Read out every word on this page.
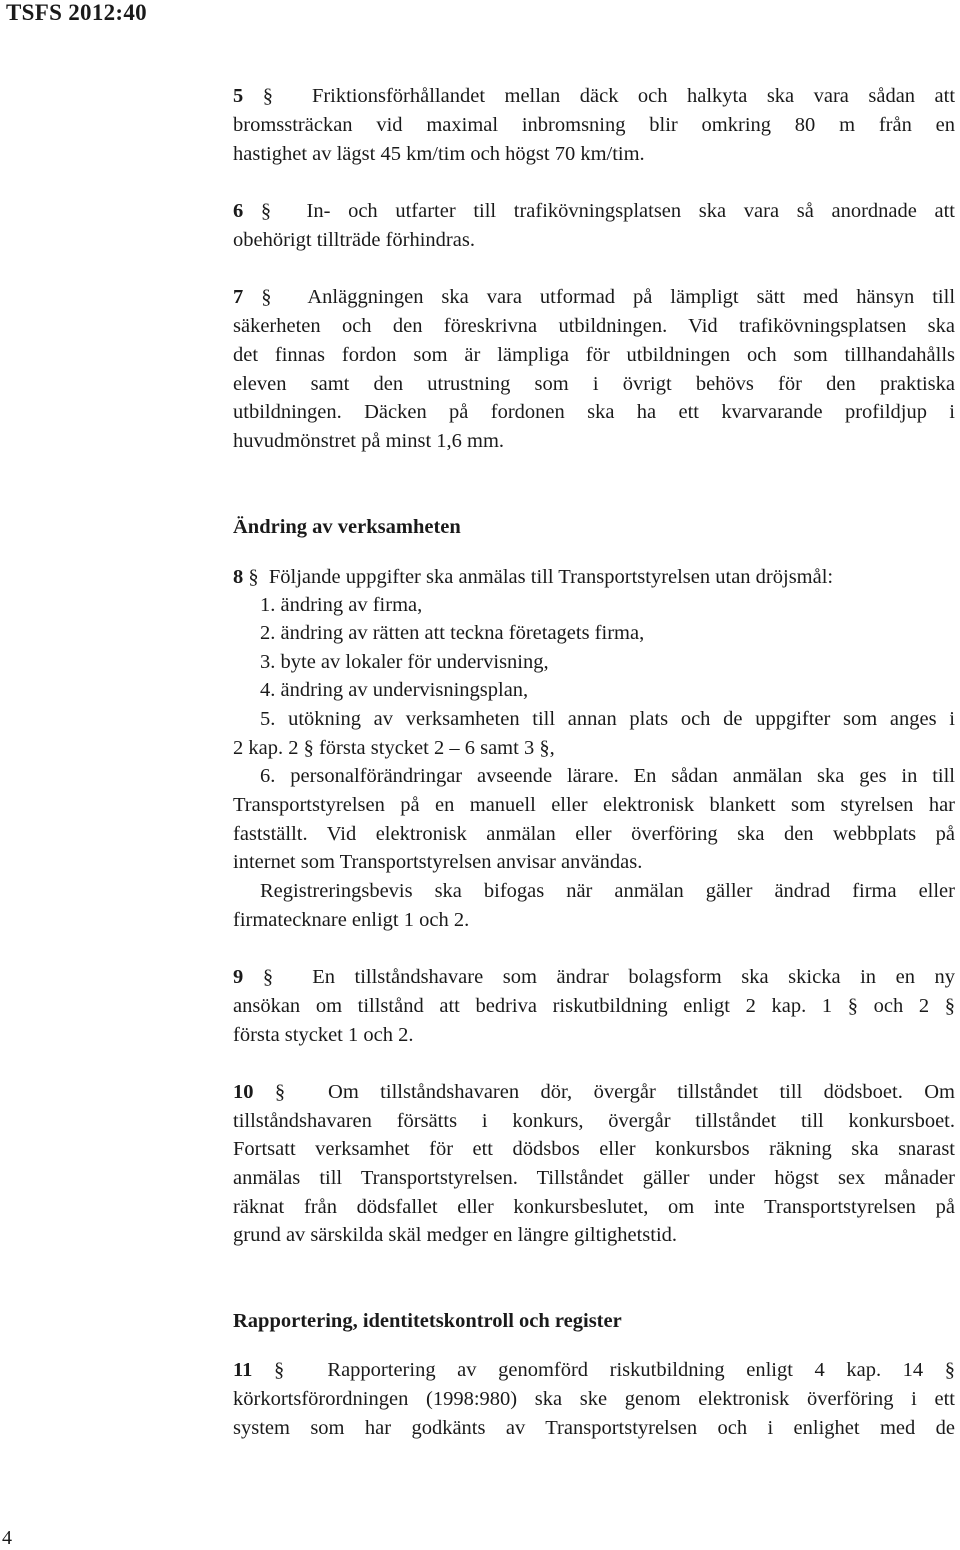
TSFS 2012:40
5 § Friktionsförhållandet mellan däck och halkyta ska vara sådan att
bromssträckan vid maximal inbromsning blir omkring 80 m från en
hastighet av lägst 45 km/tim och högst 70 km/tim.
6 § In- och utfarter till trafikövningsplatsen ska vara så anordnade att
obehörigt tillträde förhindras.
7 § Anläggningen ska vara utformad på lämpligt sätt med hänsyn till
säkerheten och den föreskrivna utbildningen. Vid trafikövningsplatsen ska
det finnas fordon som är lämpliga för utbildningen och som tillhandahålls
eleven samt den utrustning som i övrigt behövs för den praktiska
utbildningen. Däcken på fordonen ska ha ett kvarvarande profildjup i
huvudmönstret på minst 1,6 mm.
Ändring av verksamheten
8 § Följande uppgifter ska anmälas till Transportstyrelsen utan dröjsmål:
1. ändring av firma,
2. ändring av rätten att teckna företagets firma,
3. byte av lokaler för undervisning,
4. ändring av undervisningsplan,
5. utökning av verksamheten till annan plats och de uppgifter som anges i
2 kap. 2 § första stycket 2 – 6 samt 3 §,
6. personalförändringar avseende lärare. En sådan anmälan ska ges in till
Transportstyrelsen på en manuell eller elektronisk blankett som styrelsen har
fastställt. Vid elektronisk anmälan eller överföring ska den webbplats på
internet som Transportstyrelsen anvisar användas.
Registreringsbevis ska bifogas när anmälan gäller ändrad firma eller
firmatecknare enligt 1 och 2.
9 § En tillståndshavare som ändrar bolagsform ska skicka in en ny
ansökan om tillstånd att bedriva riskutbildning enligt 2 kap. 1 § och 2 §
första stycket 1 och 2.
10 § Om tillståndshavaren dör, övergår tillståndet till dödsboet. Om
tillståndshavaren försätts i konkurs, övergår tillståndet till konkursboet.
Fortsatt verksamhet för ett dödsbos eller konkursbos räkning ska snarast
anmälas till Transportstyrelsen. Tillståndet gäller under högst sex månader
räknat från dödsfallet eller konkursbeslutet, om inte Transportstyrelsen på
grund av särskilda skäl medger en längre giltighetstid.
Rapportering, identitetskontroll och register
11 § Rapportering av genomförd riskutbildning enligt 4 kap. 14 §
körkortsförordningen (1998:980) ska ske genom elektronisk överföring i ett
system som har godkänts av Transportstyrelsen och i enlighet med de
4
